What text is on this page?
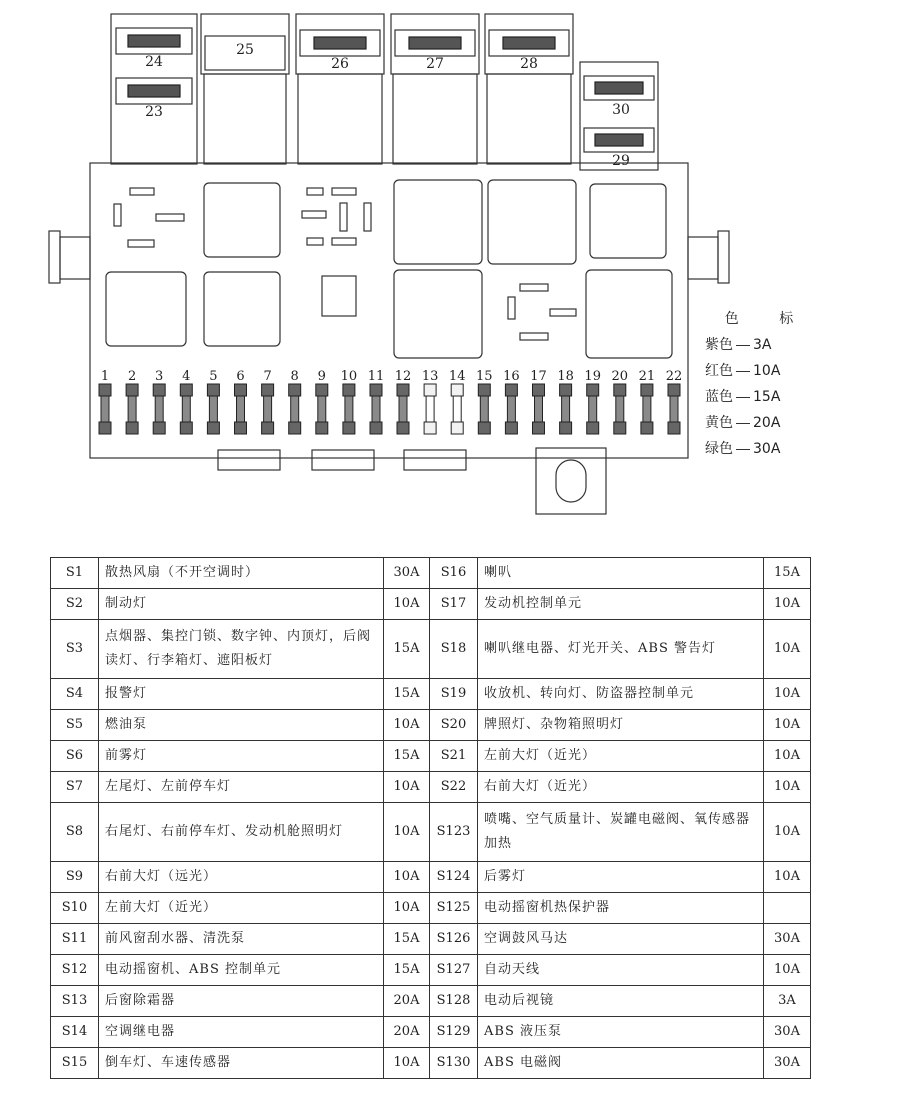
24
23
25
26	27	28
30
29
1 2 3 4 5 6 7 8 9 10 11 12 13 14 15 16 17 18 19 20 21 22
色 标
紫色 3A
红色 10A
蓝色 15A
黄色 20A
绿色 30A
S1	散热风扇（不开空调时）	30A	S16	喇叭	15A
S2	制动灯	10A	S17	发动机控制单元	10A
S3	点烟器、集控门锁、数字钟、内顶灯，后阀读灯、行李箱灯、遮阳板灯	15A	S18	喇叭继电器、灯光开关、ABS 警告灯	10A
S4	报警灯	15A	S19	收放机、转向灯、防盗器控制单元	10A
S5	燃油泵	10A	S20	牌照灯、杂物箱照明灯	10A
S6	前雾灯	15A	S21	左前大灯（近光）	10A
S7	左尾灯、左前停车灯	10A	S22	右前大灯（近光）	10A
S8	右尾灯、右前停车灯、发动机舱照明灯	10A	S123	喷嘴、空气质量计、炭罐电磁阀、氧传感器加热	10A
S9	右前大灯（远光）	10A	S124	后雾灯	10A
S10	左前大灯（近光）	10A	S125	电动摇窗机热保护器	
S11	前风窗刮水器、清洗泵	15A	S126	空调鼓风马达	30A
S12	电动摇窗机、ABS 控制单元	15A	S127	自动天线	10A
S13	后窗除霜器	20A	S128	电动后视镜	3A
S14	空调继电器	20A	S129	ABS 液压泵	30A
S15	倒车灯、车速传感器	10A	S130	ABS 电磁阀	30A
